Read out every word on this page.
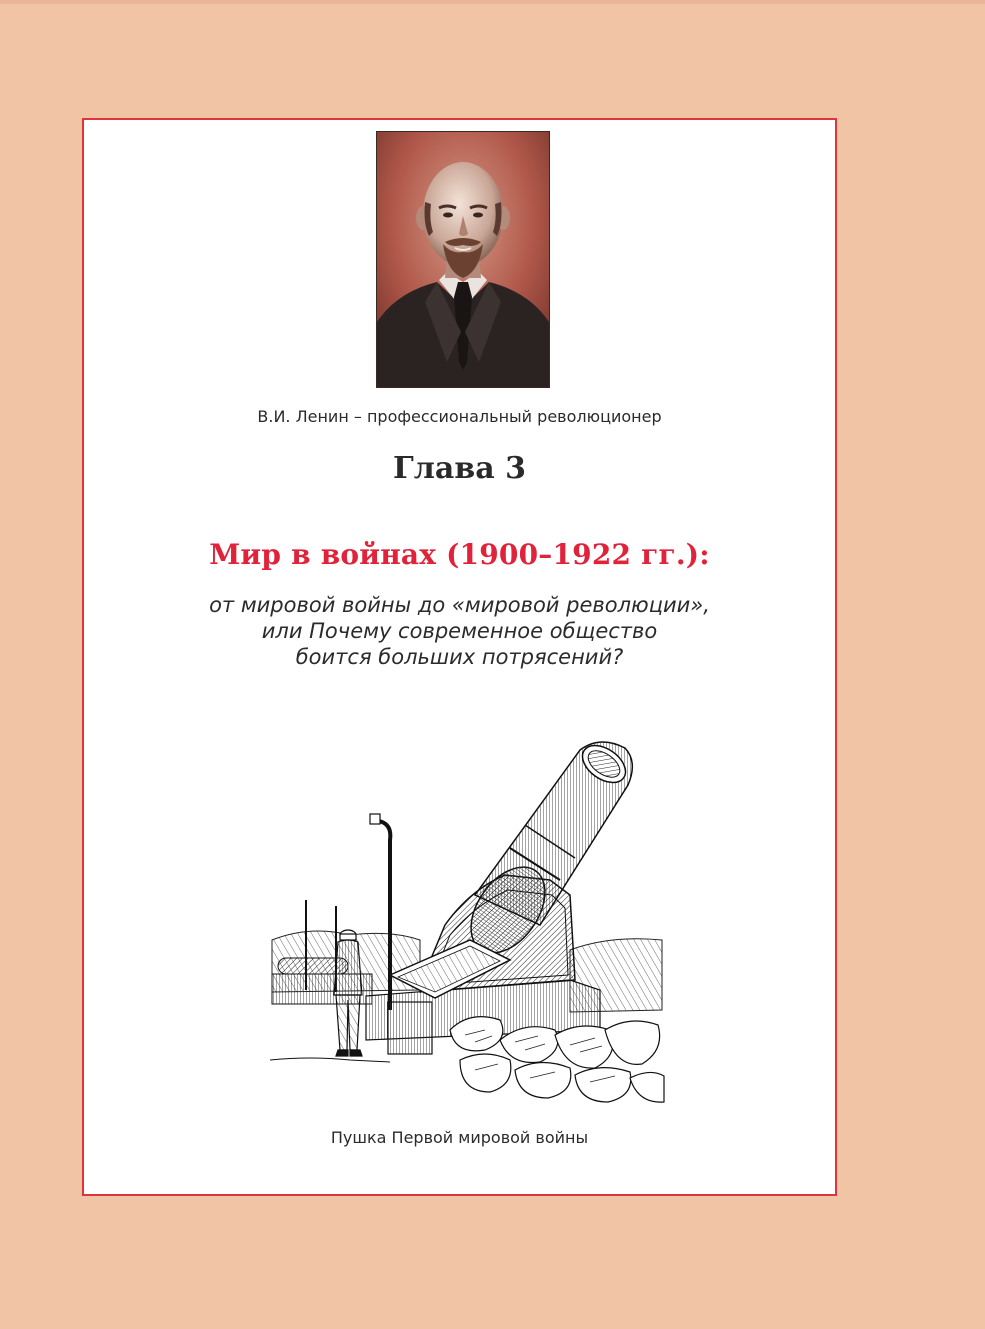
В.И. Ленин – профессиональный революционер
Глава 3
Мир в войнах (1900–1922 гг.):
от мировой войны до «мировой революции»,
или Почему современное общество
боится больших потрясений?
Пушка Первой мировой войны
